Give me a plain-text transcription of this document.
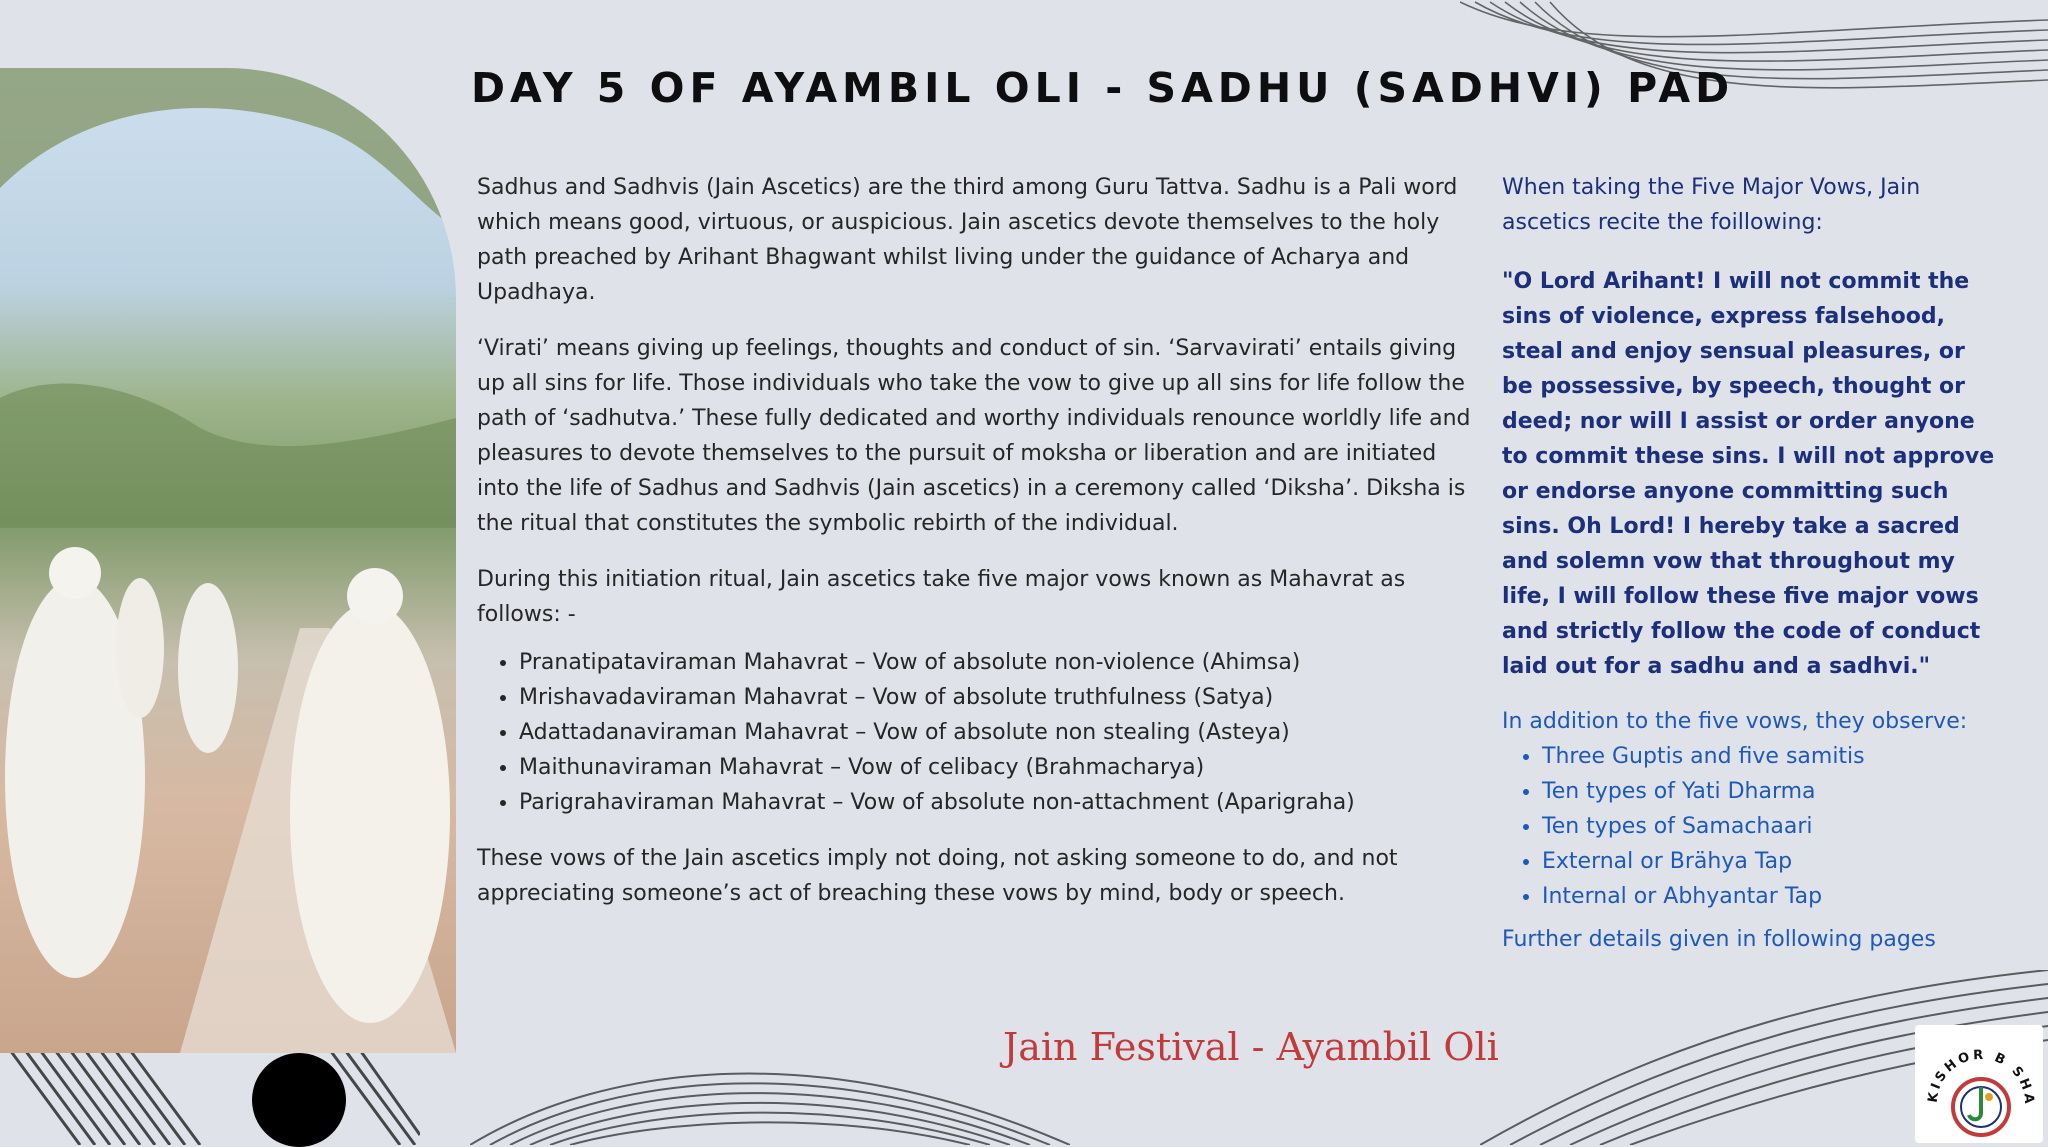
DAY 5 OF AYAMBIL OLI - SADHU (SADHVI) PAD

Sadhus and Sadhvis (Jain Ascetics) are the third among Guru Tattva. Sadhu is a Pali word which means good, virtuous, or auspicious. Jain ascetics devote themselves to the holy path preached by Arihant Bhagwant whilst living under the guidance of Acharya and Upadhaya.

‘Virati’ means giving up feelings, thoughts and conduct of sin. ‘Sarvavirati’ entails giving up all sins for life. Those individuals who take the vow to give up all sins for life follow the path of ‘sadhutva.’ These fully dedicated and worthy individuals renounce worldly life and pleasures to devote themselves to the pursuit of moksha or liberation and are initiated into the life of Sadhus and Sadhvis (Jain ascetics) in a ceremony called ‘Diksha’. Diksha is the ritual that constitutes the symbolic rebirth of the individual.

During this initiation ritual, Jain ascetics take five major vows known as Mahavrat as follows: -

• Pranatipataviraman Mahavrat – Vow of absolute non-violence (Ahimsa)
• Mrishavadaviraman Mahavrat – Vow of absolute truthfulness (Satya)
• Adattadanaviraman Mahavrat – Vow of absolute non stealing (Asteya)
• Maithunaviraman Mahavrat – Vow of celibacy (Brahmacharya)
• Parigrahaviraman Mahavrat – Vow of absolute non-attachment (Aparigraha)

These vows of the Jain ascetics imply not doing, not asking someone to do, and not appreciating someone’s act of breaching these vows by mind, body or speech.

When taking the Five Major Vows, Jain ascetics recite the foillowing:

"O Lord Arihant! I will not commit the sins of violence, express falsehood, steal and enjoy sensual pleasures, or be possessive, by speech, thought or deed; nor will I assist or order anyone to commit these sins. I will not approve or endorse anyone committing such sins. Oh Lord! I hereby take a sacred and solemn vow that throughout my life, I will follow these five major vows and strictly follow the code of conduct laid out for a sadhu and a sadhvi."

In addition to the five vows, they observe:

• Three Guptis and five samitis
• Ten types of Yati Dharma
• Ten types of Samachaari
• External or Brähya Tap
• Internal or Abhyantar Tap

Further details given in following pages

Jain Festival - Ayambil Oli
KISHOR B SHA
